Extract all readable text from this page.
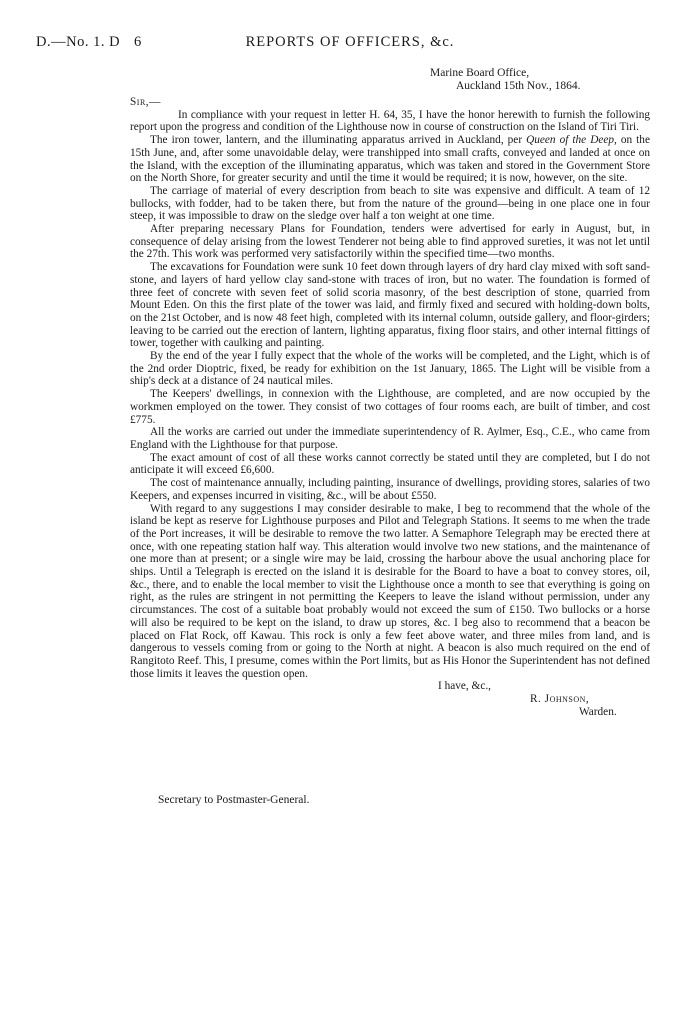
D.—No. 1. D 6	REPORTS OF OFFICERS, &c.
Marine Board Office,
Auckland 15th Nov., 1864.
Sir,—

In compliance with your request in letter H. 64, 35, I have the honor herewith to furnish the following report upon the progress and condition of the Lighthouse now in course of construction on the Island of Tiri Tiri.

The iron tower, lantern, and the illuminating apparatus arrived in Auckland, per Queen of the Deep, on the 15th June, and, after some unavoidable delay, were transhipped into small crafts, conveyed and landed at once on the Island, with the exception of the illuminating apparatus, which was taken and stored in the Government Store on the North Shore, for greater security and until the time it would be required; it is now, however, on the site.

The carriage of material of every description from beach to site was expensive and difficult. A team of 12 bullocks, with fodder, had to be taken there, but from the nature of the ground—being in one place one in four steep, it was impossible to draw on the sledge over half a ton weight at one time.

After preparing necessary Plans for Foundation, tenders were advertised for early in August, but, in consequence of delay arising from the lowest Tenderer not being able to find approved sureties, it was not let until the 27th. This work was performed very satisfactorily within the specified time—two months.

The excavations for Foundation were sunk 10 feet down through layers of dry hard clay mixed with soft sand-stone, and layers of hard yellow clay sand-stone with traces of iron, but no water. The foundation is formed of three feet of concrete with seven feet of solid scoria masonry, of the best description of stone, quarried from Mount Eden. On this the first plate of the tower was laid, and firmly fixed and secured with holding-down bolts, on the 21st October, and is now 48 feet high, completed with its internal column, outside gallery, and floor-girders; leaving to be carried out the erection of lantern, lighting apparatus, fixing floor stairs, and other internal fittings of tower, together with caulking and painting.

By the end of the year I fully expect that the whole of the works will be completed, and the Light, which is of the 2nd order Dioptric, fixed, be ready for exhibition on the 1st January, 1865. The Light will be visible from a ship's deck at a distance of 24 nautical miles.

The Keepers' dwellings, in connexion with the Lighthouse, are completed, and are now occupied by the workmen employed on the tower. They consist of two cottages of four rooms each, are built of timber, and cost £775.

All the works are carried out under the immediate superintendency of R. Aylmer, Esq., C.E., who came from England with the Lighthouse for that purpose.

The exact amount of cost of all these works cannot correctly be stated until they are completed, but I do not anticipate it will exceed £6,600.

The cost of maintenance annually, including painting, insurance of dwellings, providing stores, salaries of two Keepers, and expenses incurred in visiting, &c., will be about £550.

With regard to any suggestions I may consider desirable to make, I beg to recommend that the whole of the island be kept as reserve for Lighthouse purposes and Pilot and Telegraph Stations. It seems to me when the trade of the Port increases, it will be desirable to remove the two latter. A Semaphore Telegraph may be erected there at once, with one repeating station half way. This alteration would involve two new stations, and the maintenance of one more than at present; or a single wire may be laid, crossing the harbour above the usual anchoring place for ships. Until a Telegraph is erected on the island it is desirable for the Board to have a boat to convey stores, oil, &c., there, and to enable the local member to visit the Lighthouse once a month to see that everything is going on right, as the rules are stringent in not permitting the Keepers to leave the island without permission, under any circumstances. The cost of a suitable boat probably would not exceed the sum of £150. Two bullocks or a horse will also be required to be kept on the island, to draw up stores, &c. I beg also to recommend that a beacon be placed on Flat Rock, off Kawau. This rock is only a few feet above water, and three miles from land, and is dangerous to vessels coming from or going to the North at night. A beacon is also much required on the end of Rangitoto Reef. This, I presume, comes within the Port limits, but as His Honor the Superintendent has not defined those limits it leaves the question open.

I have, &c.,
R. Johnson,
Warden.
Secretary to Postmaster-General.
